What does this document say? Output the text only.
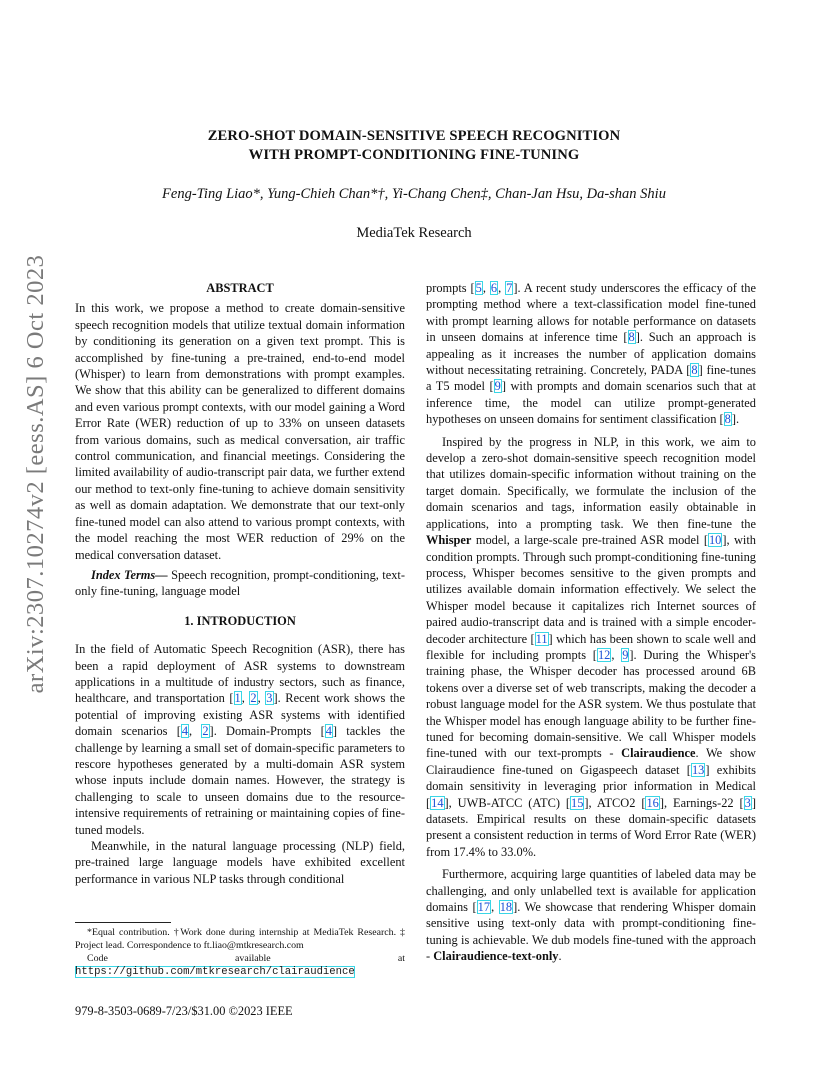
arXiv:2307.10274v2 [eess.AS] 6 Oct 2023
ZERO-SHOT DOMAIN-SENSITIVE SPEECH RECOGNITION
WITH PROMPT-CONDITIONING FINE-TUNING
Feng-Ting Liao*, Yung-Chieh Chan*†, Yi-Chang Chen‡, Chan-Jan Hsu, Da-shan Shiu
MediaTek Research

ABSTRACT

In this work, we propose a method to create domain-sensitive speech recognition models that utilize textual domain information by conditioning its generation on a given text prompt. This is accomplished by fine-tuning a pre-trained, end-to-end model (Whisper) to learn from demonstrations with prompt examples. We show that this ability can be generalized to different domains and even various prompt contexts, with our model gaining a Word Error Rate (WER) reduction of up to 33% on unseen datasets from various domains, such as medical conversation, air traffic control communication, and financial meetings. Considering the limited availability of audio-transcript pair data, we further extend our method to text-only fine-tuning to achieve domain sensitivity as well as domain adaptation. We demonstrate that our text-only fine-tuned model can also attend to various prompt contexts, with the model reaching the most WER reduction of 29% on the medical conversation dataset.

Index Terms— Speech recognition, prompt-conditioning, text-only fine-tuning, language model

1. INTRODUCTION

In the field of Automatic Speech Recognition (ASR), there has been a rapid deployment of ASR systems to downstream applications in a multitude of industry sectors, such as finance, healthcare, and transportation [1, 2, 3]. Recent work shows the potential of improving existing ASR systems with identified domain scenarios [4, 2]. Domain-Prompts [4] tackles the challenge by learning a small set of domain-specific parameters to rescore hypotheses generated by a multi-domain ASR system whose inputs include domain names. However, the strategy is challenging to scale to unseen domains due to the resource-intensive requirements of retraining or maintaining copies of fine-tuned models.

Meanwhile, in the natural language processing (NLP) field, pre-trained large language models have exhibited excellent performance in various NLP tasks through conditional

*Equal contribution. †Work done during internship at MediaTek Research. ‡ Project lead. Correspondence to ft.liao@mtkresearch.com

Code available at https://github.com/mtkresearch/clairaudience

979-8-3503-0689-7/23/$31.00 ©2023 IEEE

prompts [5, 6, 7]. A recent study underscores the efficacy of the prompting method where a text-classification model fine-tuned with prompt learning allows for notable performance on datasets in unseen domains at inference time [8]. Such an approach is appealing as it increases the number of application domains without necessitating retraining. Concretely, PADA [8] fine-tunes a T5 model [9] with prompts and domain scenarios such that at inference time, the model can utilize prompt-generated hypotheses on unseen domains for sentiment classification [8].

Inspired by the progress in NLP, in this work, we aim to develop a zero-shot domain-sensitive speech recognition model that utilizes domain-specific information without training on the target domain. Specifically, we formulate the inclusion of the domain scenarios and tags, information easily obtainable in applications, into a prompting task. We then fine-tune the Whisper model, a large-scale pre-trained ASR model [10], with condition prompts. Through such prompt-conditioning fine-tuning process, Whisper becomes sensitive to the given prompts and utilizes available domain information effectively. We select the Whisper model because it capitalizes rich Internet sources of paired audio-transcript data and is trained with a simple encoder-decoder architecture [11] which has been shown to scale well and flexible for including prompts [12, 9]. During the Whisper's training phase, the Whisper decoder has processed around 6B tokens over a diverse set of web transcripts, making the decoder a robust language model for the ASR system. We thus postulate that the Whisper model has enough language ability to be further fine-tuned for becoming domain-sensitive. We call Whisper models fine-tuned with our text-prompts - Clairaudience. We show Clairaudience fine-tuned on Gigaspeech dataset [13] exhibits domain sensitivity in leveraging prior information in Medical [14], UWB-ATCC (ATC) [15], ATCO2 [16], Earnings-22 [3] datasets. Empirical results on these domain-specific datasets present a consistent reduction in terms of Word Error Rate (WER) from 17.4% to 33.0%.

Furthermore, acquiring large quantities of labeled data may be challenging, and only unlabelled text is available for application domains [17, 18]. We showcase that rendering Whisper domain sensitive using text-only data with prompt-conditioning fine-tuning is achievable. We dub models fine-tuned with the approach - Clairaudience-text-only.
